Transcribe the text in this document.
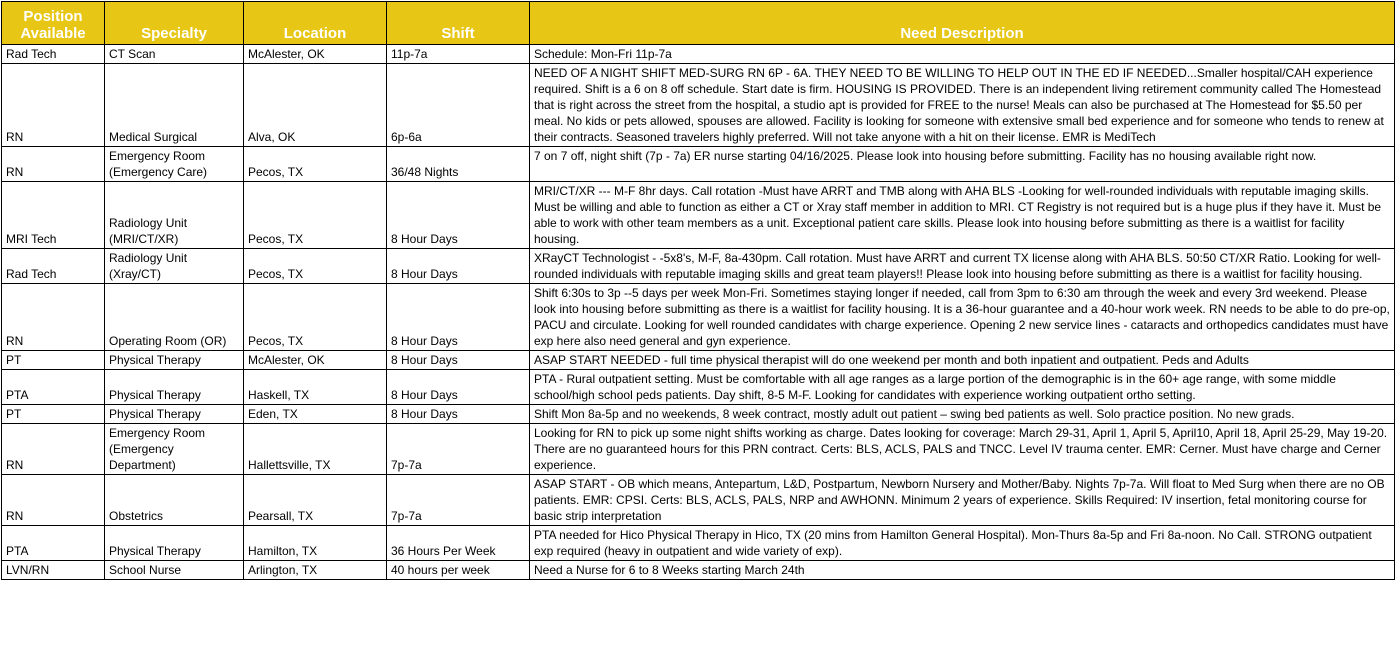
Position Available	Specialty	Location	Shift	Need Description
Rad Tech	CT Scan	McAlester, OK	11p-7a	Schedule: Mon-Fri 11p-7a
RN	Medical Surgical	Alva, OK	6p-6a	NEED OF A NIGHT SHIFT MED-SURG RN 6P - 6A. THEY NEED TO BE WILLING TO HELP OUT IN THE ED IF NEEDED...Smaller hospital/CAH experience required. Shift is a 6 on 8 off schedule. Start date is firm. HOUSING IS PROVIDED. There is an independent living retirement community called The Homestead that is right across the street from the hospital, a studio apt is provided for FREE to the nurse! Meals can also be purchased at The Homestead for $5.50 per meal. No kids or pets allowed, spouses are allowed. Facility is looking for someone with extensive small bed experience and for someone who tends to renew at their contracts. Seasoned travelers highly preferred. Will not take anyone with a hit on their license. EMR is MediTech
RN	Emergency Room (Emergency Care)	Pecos, TX	36/48 Nights	7 on 7 off, night shift (7p - 7a) ER nurse starting 04/16/2025. Please look into housing before submitting. Facility has no housing available right now.
MRI Tech	Radiology Unit (MRI/CT/XR)	Pecos, TX	8 Hour Days	MRI/CT/XR --- M-F 8hr days. Call rotation -Must have ARRT and TMB along with AHA BLS -Looking for well-rounded individuals with reputable imaging skills. Must be willing and able to function as either a CT or Xray staff member in addition to MRI. CT Registry is not required but is a huge plus if they have it. Must be able to work with other team members as a unit. Exceptional patient care skills. Please look into housing before submitting as there is a waitlist for facility housing.
Rad Tech	Radiology Unit (Xray/CT)	Pecos, TX	8 Hour Days	XRayCT Technologist - -5x8's, M-F, 8a-430pm. Call rotation. Must have ARRT and current TX license along with AHA BLS. 50:50 CT/XR Ratio. Looking for well-rounded individuals with reputable imaging skills and great team players!! Please look into housing before submitting as there is a waitlist for facility housing.
RN	Operating Room (OR)	Pecos, TX	8 Hour Days	Shift 6:30s to 3p --5 days per week Mon-Fri. Sometimes staying longer if needed, call from 3pm to 6:30 am through the week and every 3rd weekend. Please look into housing before submitting as there is a waitlist for facility housing. It is a 36-hour guarantee and a 40-hour work week. RN needs to be able to do pre-op, PACU and circulate. Looking for well rounded candidates with charge experience. Opening 2 new service lines - cataracts and orthopedics candidates must have exp here also need general and gyn experience.
PT	Physical Therapy	McAlester, OK	8 Hour Days	ASAP START NEEDED - full time physical therapist will do one weekend per month and both inpatient and outpatient. Peds and Adults
PTA	Physical Therapy	Haskell, TX	8 Hour Days	PTA - Rural outpatient setting. Must be comfortable with all age ranges as a large portion of the demographic is in the 60+ age range, with some middle school/high school peds patients. Day shift, 8-5 M-F. Looking for candidates with experience working outpatient ortho setting.
PT	Physical Therapy	Eden, TX	8 Hour Days	Shift Mon 8a-5p and no weekends, 8 week contract, mostly adult out patient – swing bed patients as well. Solo practice position. No new grads.
RN	Emergency Room (Emergency Department)	Hallettsville, TX	7p-7a	Looking for RN to pick up some night shifts working as charge. Dates looking for coverage: March 29-31, April 1, April 5, April10, April 18, April 25-29, May 19-20. There are no guaranteed hours for this PRN contract. Certs: BLS, ACLS, PALS and TNCC. Level IV trauma center. EMR: Cerner. Must have charge and Cerner experience.
RN	Obstetrics	Pearsall, TX	7p-7a	ASAP START - OB which means, Antepartum, L&D, Postpartum, Newborn Nursery and Mother/Baby. Nights 7p-7a. Will float to Med Surg when there are no OB patients. EMR: CPSI. Certs: BLS, ACLS, PALS, NRP and AWHONN. Minimum 2 years of experience. Skills Required: IV insertion, fetal monitoring course for basic strip interpretation
PTA	Physical Therapy	Hamilton, TX	36 Hours Per Week	PTA needed for Hico Physical Therapy in Hico, TX (20 mins from Hamilton General Hospital). Mon-Thurs 8a-5p and Fri 8a-noon. No Call. STRONG outpatient exp required (heavy in outpatient and wide variety of exp).
LVN/RN	School Nurse	Arlington, TX	40 hours per week	Need a Nurse for 6 to 8 Weeks starting March 24th
